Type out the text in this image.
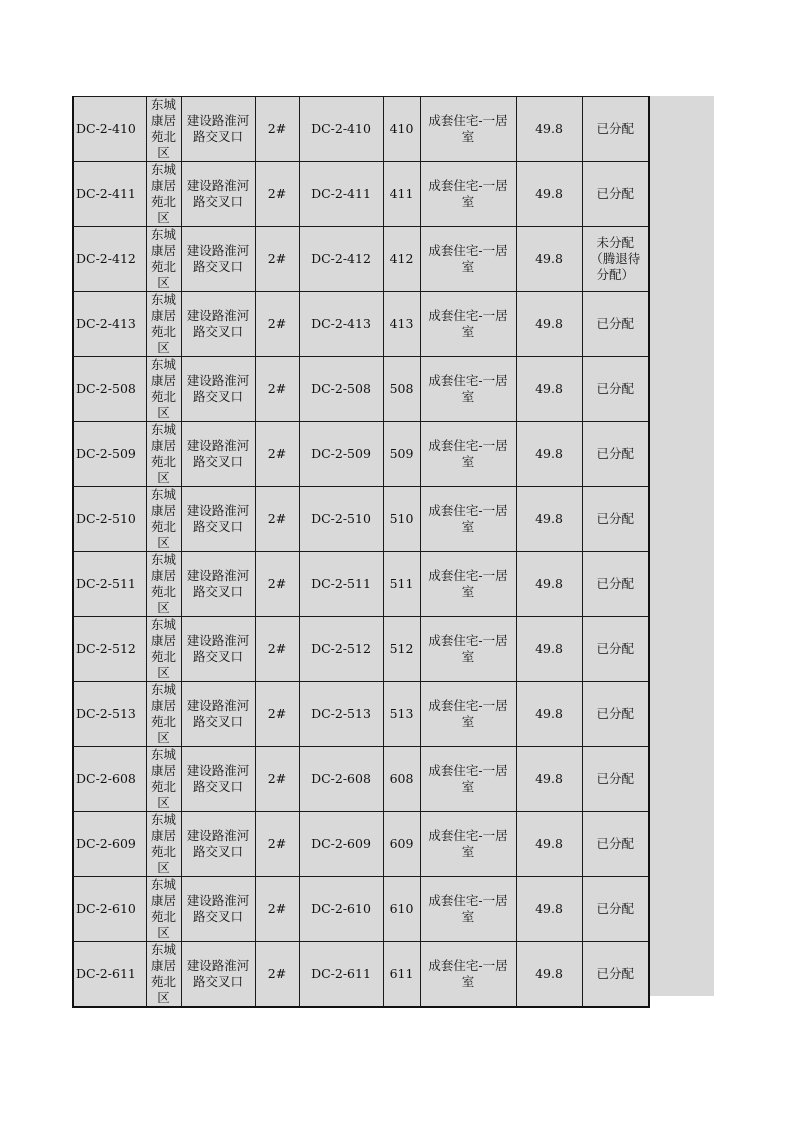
DC-2-410	东城康居苑北区	建设路淮河路交叉口	2#	DC-2-410	410	成套住宅-一居室	49.8	已分配
DC-2-411	东城康居苑北区	建设路淮河路交叉口	2#	DC-2-411	411	成套住宅-一居室	49.8	已分配
DC-2-412	东城康居苑北区	建设路淮河路交叉口	2#	DC-2-412	412	成套住宅-一居室	49.8	未分配（腾退待分配）
DC-2-413	东城康居苑北区	建设路淮河路交叉口	2#	DC-2-413	413	成套住宅-一居室	49.8	已分配
DC-2-508	东城康居苑北区	建设路淮河路交叉口	2#	DC-2-508	508	成套住宅-一居室	49.8	已分配
DC-2-509	东城康居苑北区	建设路淮河路交叉口	2#	DC-2-509	509	成套住宅-一居室	49.8	已分配
DC-2-510	东城康居苑北区	建设路淮河路交叉口	2#	DC-2-510	510	成套住宅-一居室	49.8	已分配
DC-2-511	东城康居苑北区	建设路淮河路交叉口	2#	DC-2-511	511	成套住宅-一居室	49.8	已分配
DC-2-512	东城康居苑北区	建设路淮河路交叉口	2#	DC-2-512	512	成套住宅-一居室	49.8	已分配
DC-2-513	东城康居苑北区	建设路淮河路交叉口	2#	DC-2-513	513	成套住宅-一居室	49.8	已分配
DC-2-608	东城康居苑北区	建设路淮河路交叉口	2#	DC-2-608	608	成套住宅-一居室	49.8	已分配
DC-2-609	东城康居苑北区	建设路淮河路交叉口	2#	DC-2-609	609	成套住宅-一居室	49.8	已分配
DC-2-610	东城康居苑北区	建设路淮河路交叉口	2#	DC-2-610	610	成套住宅-一居室	49.8	已分配
DC-2-611	东城康居苑北区	建设路淮河路交叉口	2#	DC-2-611	611	成套住宅-一居室	49.8	已分配
